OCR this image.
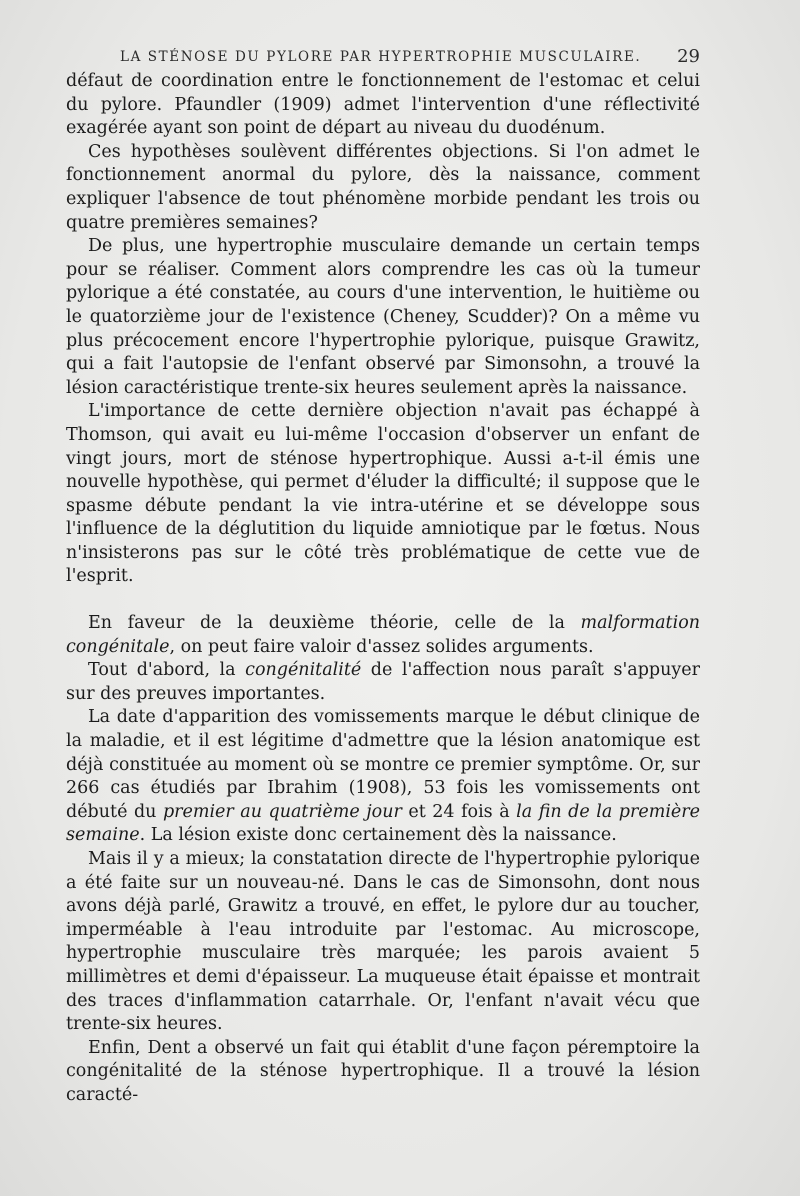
LA STÉNOSE DU PYLORE PAR HYPERTROPHIE MUSCULAIRE. 29

défaut de coordination entre le fonctionnement de l'estomac et celui du pylore. Pfaundler (1909) admet l'intervention d'une réflectivité exagérée ayant son point de départ au niveau du duodénum.

Ces hypothèses soulèvent différentes objections. Si l'on admet le fonctionnement anormal du pylore, dès la naissance, comment expliquer l'absence de tout phénomène morbide pendant les trois ou quatre premières semaines?

De plus, une hypertrophie musculaire demande un certain temps pour se réaliser. Comment alors comprendre les cas où la tumeur pylorique a été constatée, au cours d'une intervention, le huitième ou le quatorzième jour de l'existence (Cheney, Scudder)? On a même vu plus précocement encore l'hypertrophie pylorique, puisque Grawitz, qui a fait l'autopsie de l'enfant observé par Simonsohn, a trouvé la lésion caractéristique trente-six heures seulement après la naissance.

L'importance de cette dernière objection n'avait pas échappé à Thomson, qui avait eu lui-même l'occasion d'observer un enfant de vingt jours, mort de sténose hypertrophique. Aussi a-t-il émis une nouvelle hypothèse, qui permet d'éluder la difficulté; il suppose que le spasme débute pendant la vie intra-utérine et se développe sous l'influence de la déglutition du liquide amniotique par le fœtus. Nous n'insisterons pas sur le côté très problématique de cette vue de l'esprit.

En faveur de la deuxième théorie, celle de la malformation congénitale, on peut faire valoir d'assez solides arguments.

Tout d'abord, la congénitalité de l'affection nous paraît s'appuyer sur des preuves importantes.

La date d'apparition des vomissements marque le début clinique de la maladie, et il est légitime d'admettre que la lésion anatomique est déjà constituée au moment où se montre ce premier symptôme. Or, sur 266 cas étudiés par Ibrahim (1908), 53 fois les vomissements ont débuté du premier au quatrième jour et 24 fois à la fin de la première semaine. La lésion existe donc certainement dès la naissance.

Mais il y a mieux; la constatation directe de l'hypertrophie pylorique a été faite sur un nouveau-né. Dans le cas de Simonsohn, dont nous avons déjà parlé, Grawitz a trouvé, en effet, le pylore dur au toucher, imperméable à l'eau introduite par l'estomac. Au microscope, hypertrophie musculaire très marquée; les parois avaient 5 millimètres et demi d'épaisseur. La muqueuse était épaisse et montrait des traces d'inflammation catarrhale. Or, l'enfant n'avait vécu que trente-six heures.

Enfin, Dent a observé un fait qui établit d'une façon péremptoire la congénitalité de la sténose hypertrophique. Il a trouvé la lésion caracté-
